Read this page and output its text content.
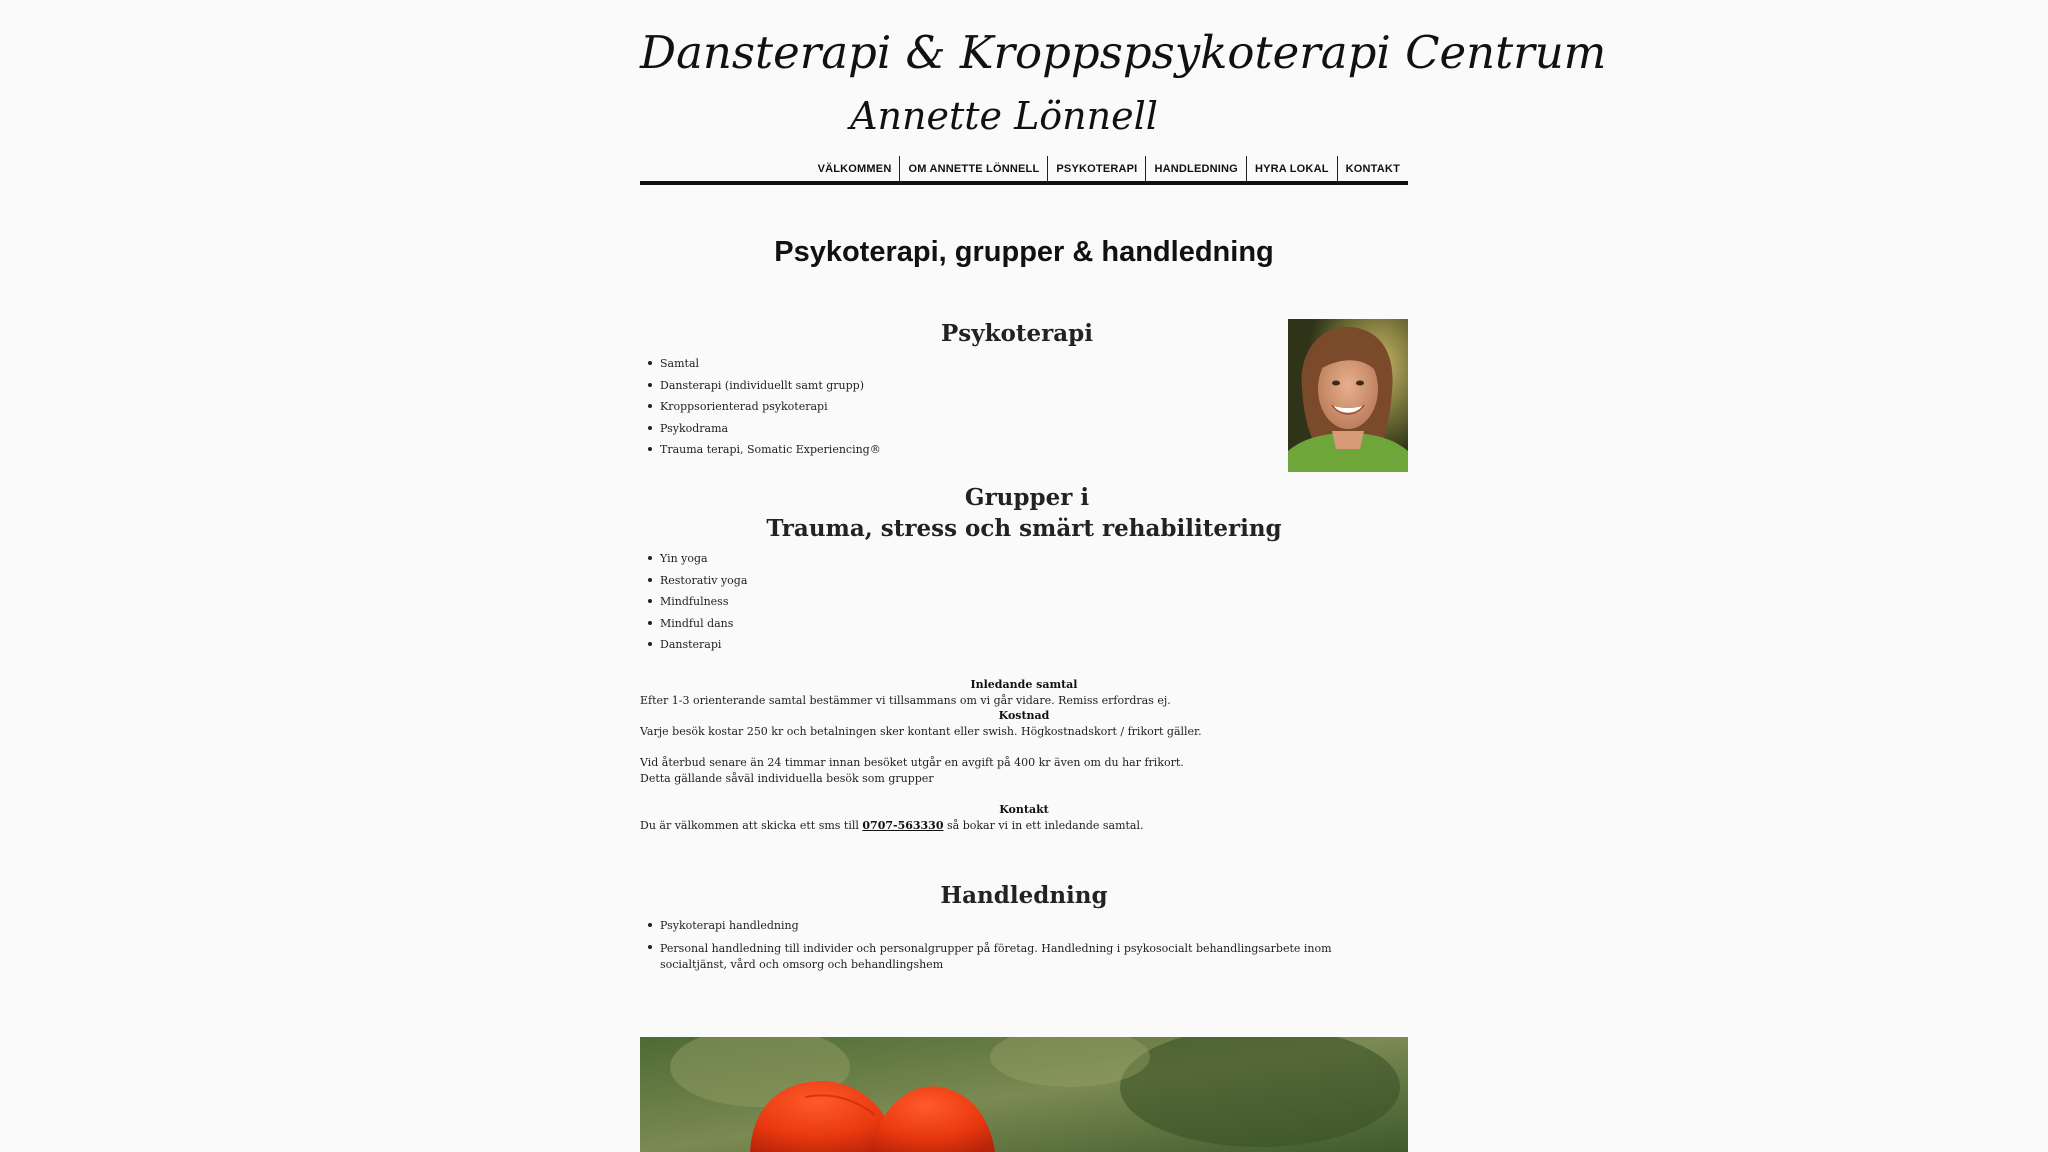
Dansterapi & Kroppspsykoterapi Centrum
Annette Lönnell
VÄLKOMMEN	OM ANNETTE LÖNNELL	PSYKOTERAPI	HANDLEDNING	HYRA LOKAL	KONTAKT
Psykoterapi, grupper & handledning
Psykoterapi
Samtal
Dansterapi (individuellt samt grupp)
Kroppsorienterad psykoterapi
Psykodrama
Trauma terapi, Somatic Experiencing®
Grupper i
Trauma, stress och smärt rehabilitering
Yin yoga
Restorativ yoga
Mindfulness
Mindful dans
Dansterapi
Inledande samtal
Efter 1-3 orienterande samtal bestämmer vi tillsammans om vi går vidare. Remiss erfordras ej.
Kostnad
Varje besök kostar 250 kr och betalningen sker kontant eller swish. Högkostnadskort / frikort gäller.
Vid återbud senare än 24 timmar innan besöket utgår en avgift på 400 kr även om du har frikort.
Detta gällande såväl individuella besök som grupper
Kontakt
Du är välkommen att skicka ett sms till 0707-563330 så bokar vi in ett inledande samtal.
Handledning
Psykoterapi handledning
Personal handledning till individer och personalgrupper på företag. Handledning i psykosocialt behandlingsarbete inom socialtjänst, vård och omsorg och behandlingshem
